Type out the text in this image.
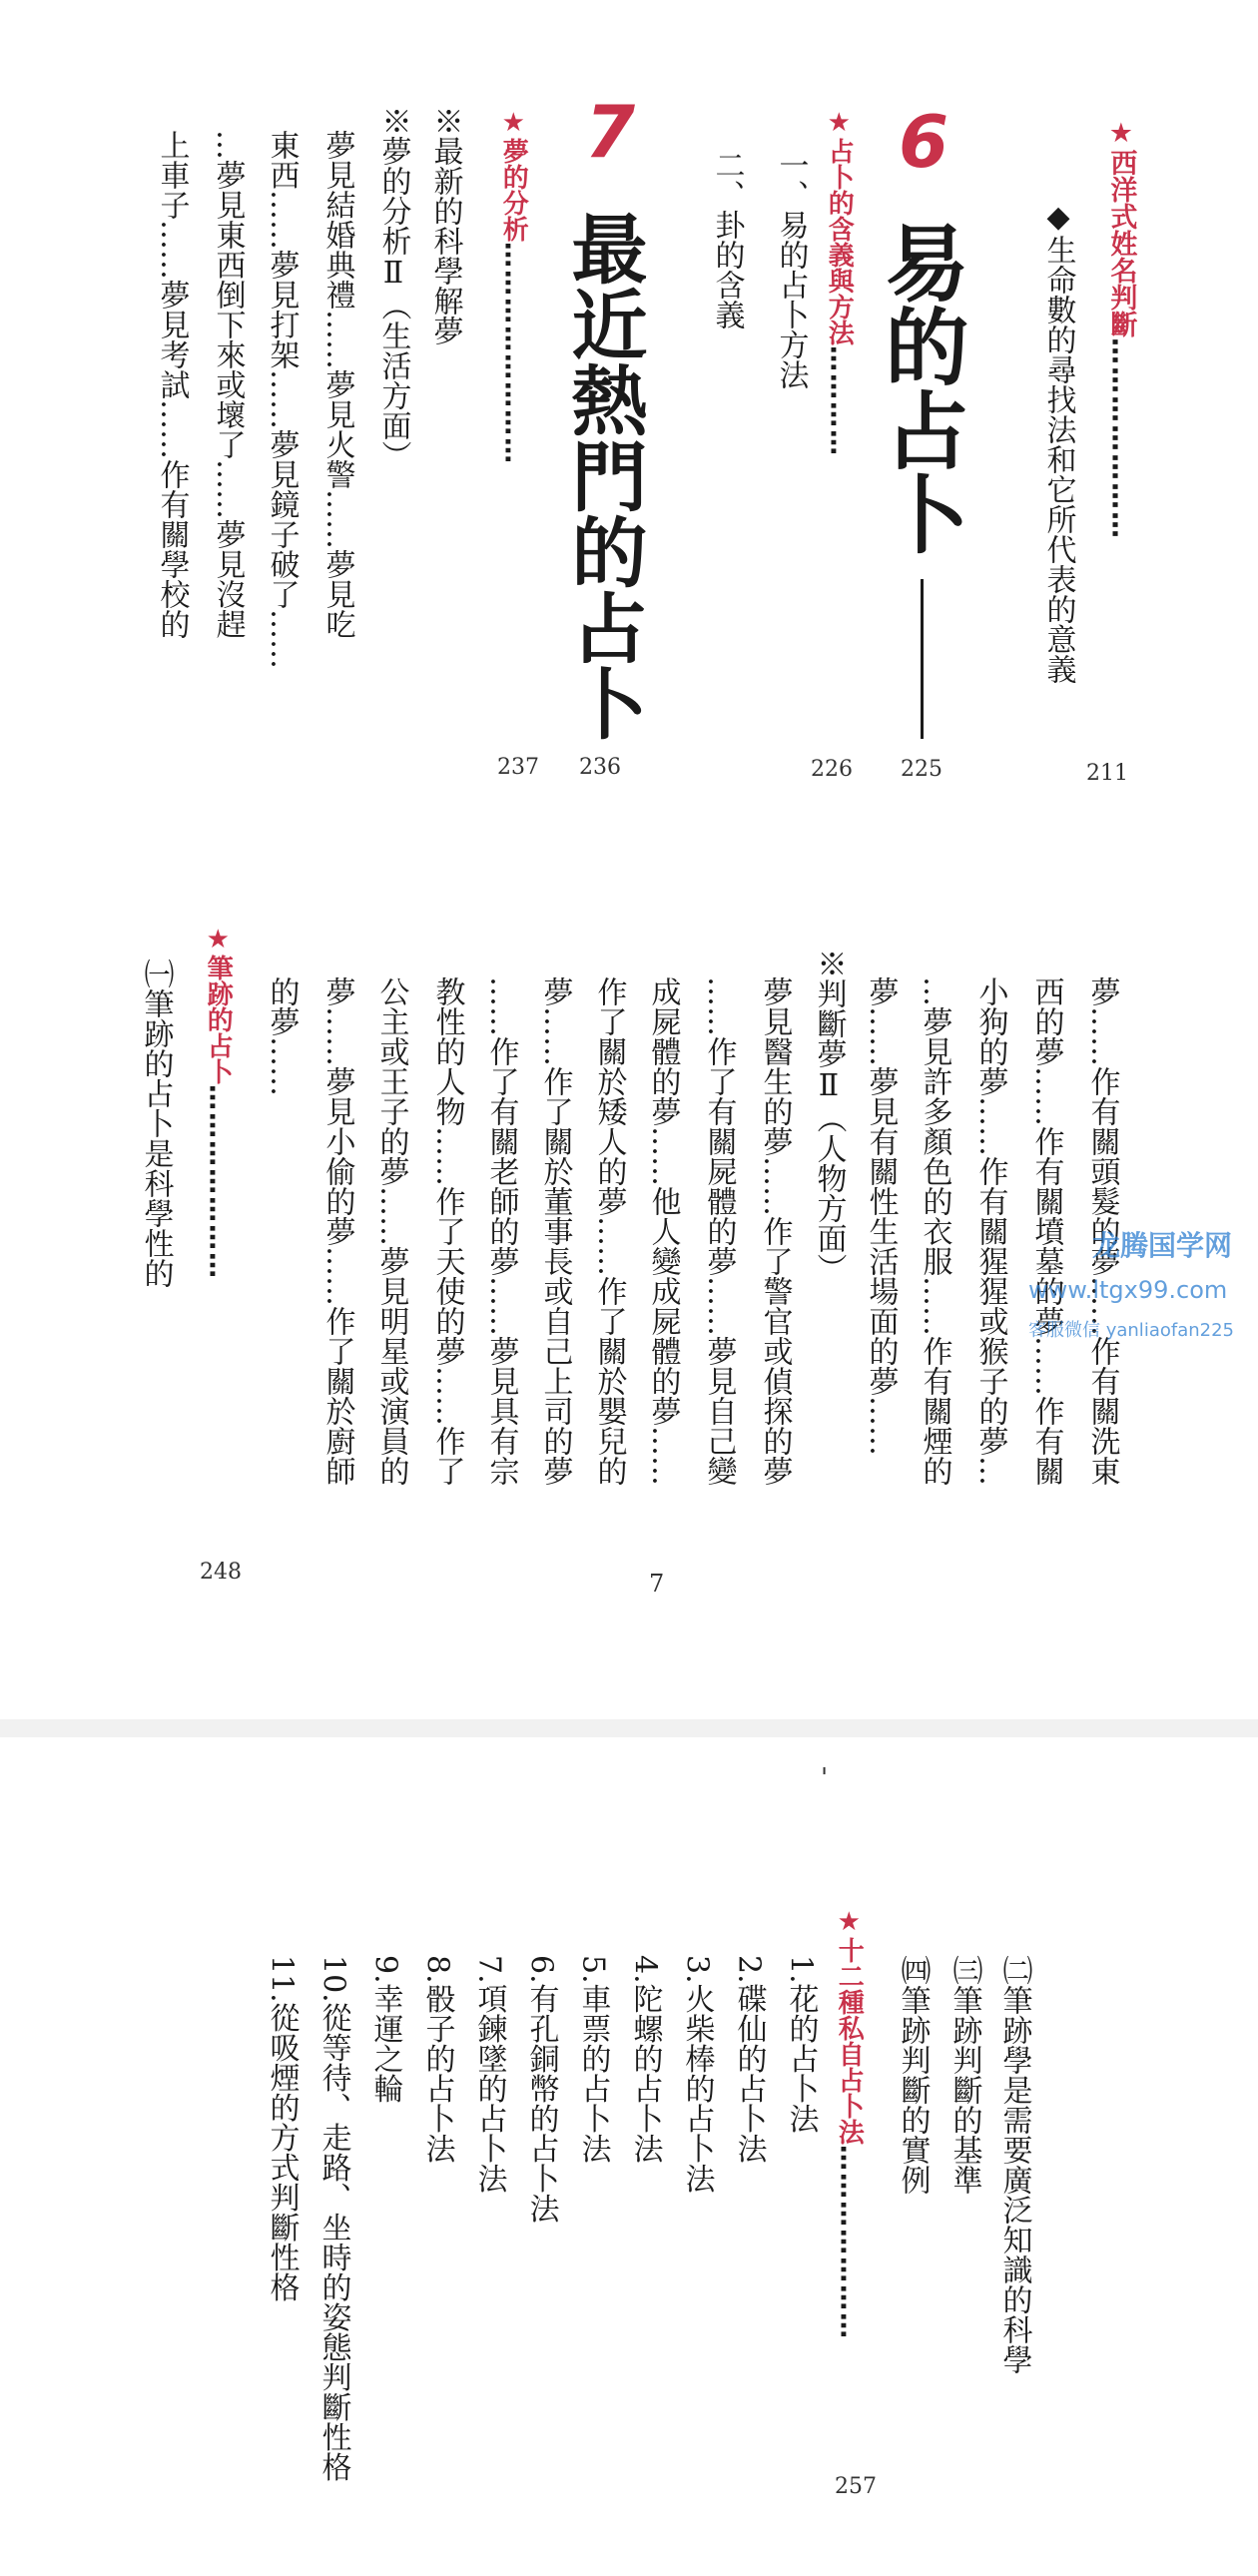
★西洋式姓名判斷…………………
211
◆生命數的尋找法和它所代表的意義
6
易的占卜
225
★占卜的含義與方法…………
226
一、易的占卜方法
二、卦的含義
7
最近熱門的占卜
236
★夢的分析……………………
237
※最新的科學解夢
※夢的分析Ⅱ（生活方面）
夢見結婚典禮……夢見火警……夢見吃
東西……夢見打架……夢見鏡子破了……
…夢見東西倒下來或壞了……夢見沒趕
上車子……夢見考試……作有關學校的
夢……作有關頭髮的夢……作有關洗東
西的夢……作有關墳墓的夢……作有關
小狗的夢……作有關猩猩或猴子的夢…
…夢見許多顏色的衣服……作有關煙的
夢……夢見有關性生活場面的夢……
※判斷夢Ⅱ（人物方面）
夢見醫生的夢……作了警官或偵探的夢
……作了有關屍體的夢……夢見自己變
成屍體的夢……他人變成屍體的夢……
作了關於矮人的夢……作了關於嬰兒的
夢……作了關於董事長或自己上司的夢
……作了有關老師的夢……夢見具有宗
教性的人物……作了天使的夢……作了
公主或王子的夢……夢見明星或演員的
夢……夢見小偷的夢……作了關於廚師
的夢……
★筆跡的占卜…………………
248
㈠筆跡的占卜是科學性的
7
龙腾国学网
www.ltgx99.com
客服微信 yanliaofan225
'
㈡筆跡學是需要廣泛知識的科學
㈢筆跡判斷的基準
㈣筆跡判斷的實例
★十二種私自占卜法…………………
257
1.花的占卜法
2.碟仙的占卜法
3.火柴棒的占卜法
4.陀螺的占卜法
5.車票的占卜法
6.有孔銅幣的占卜法
7.項鍊墜的占卜法
8.骰子的占卜法
9.幸運之輪
10.從等待、走路、坐時的姿態判斷性格
11.從吸煙的方式判斷性格
